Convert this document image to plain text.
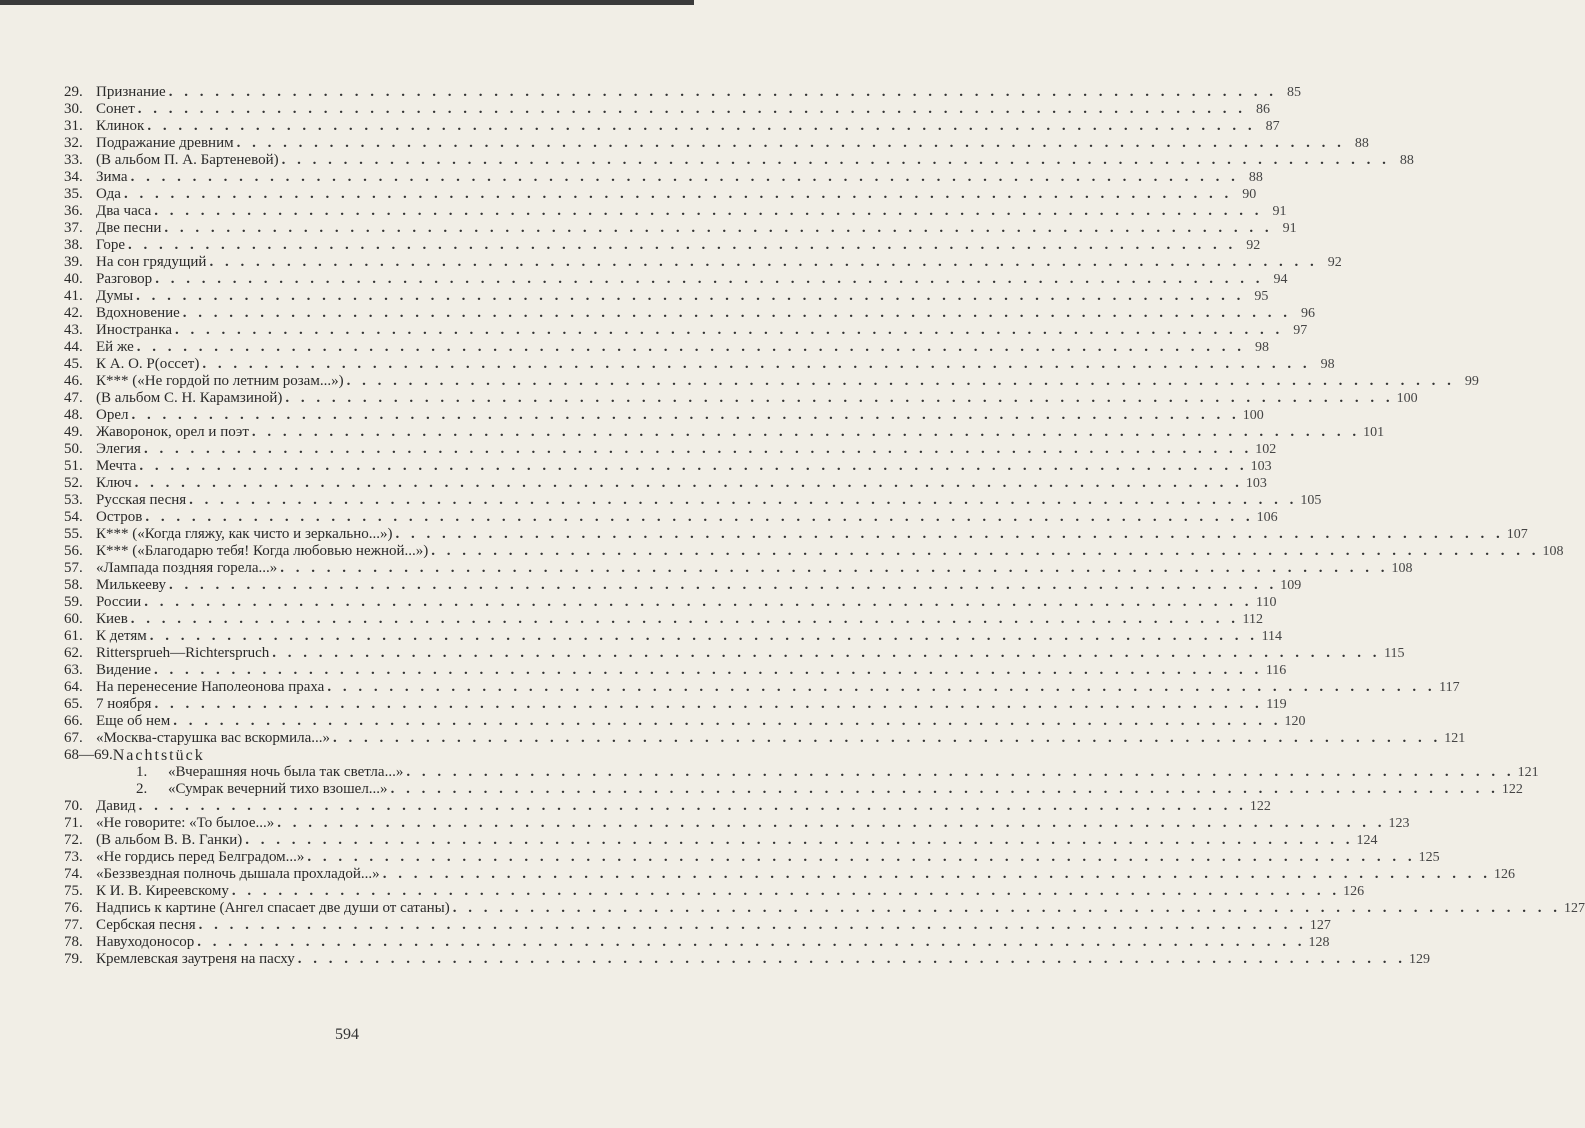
29. Признание . . .	85
30. Сонет . . .	86
31. Клинок . . .	87
32. Подражание древним . . .	88
33. (В альбом П. А. Бартеневой) . . .	88
34. Зима . . .	88
35. Ода . . .	90
36. Два часа . . .	91
37. Две песни . . .	91
38. Горе . . .	92
39. На сон грядущий . . .	92
40. Разговор . . .	94
41. Думы . . .	95
42. Вдохновение . . .	96
43. Иностранка . . .	97
44. Ей же . . .	98
45. К А. О. Р(оссет) . . .	98
46. К*** («Не гордой по летним розам...») . . .	99
47. (В альбом С. Н. Карамзиной) . . .	100
48. Орел . . .	100
49. Жаворонок, орел и поэт . . .	101
50. Элегия . . .	102
51. Мечта . . .	103
52. Ключ . . .	103
53. Русская песня . . .	105
54. Остров . . .	106
55. К*** («Когда гляжу, как чисто и зеркально...») . . .	107
56. К*** («Благодарю тебя! Когда любовью нежной...») . . .	108
57. «Лампада поздняя горела...» . . .	108
58. Милькееву . . .	109
59. России . . .	110
60. Киев . . .	112
61. К детям . . .	114
62. Rittersprueh—Richterspruch . . .	115
63. Видение . . .	116
64. На перенесение Наполеонова праха . . .	117
65. 7 ноября . . .	119
66. Еще об нем . . .	120
67. «Москва-старушка вас вскормила...» . . .	121
68—69. Nachtstück
1.	«Вчерашняя ночь была так светла...» . . .	121
2.	«Сумрак вечерний тихо взошел...» . . .	122
70. Давид . . .	122
71. «Не говорите: «То былое...» . . .	123
72. (В альбом В. В. Ганки) . . .	124
73. «Не гордись перед Белградом...» . . .	125
74. «Беззвездная полночь дышала прохладой...» . . .	126
75. К И. В. Киреевскому . . .	126
76. Надпись к картине (Ангел спасает две души от сатаны) . . .	127
77. Сербская песня . . .	127
78. Навуходоносор . . .	128
79. Кремлевская заутреня на пасху . . .	129
594
